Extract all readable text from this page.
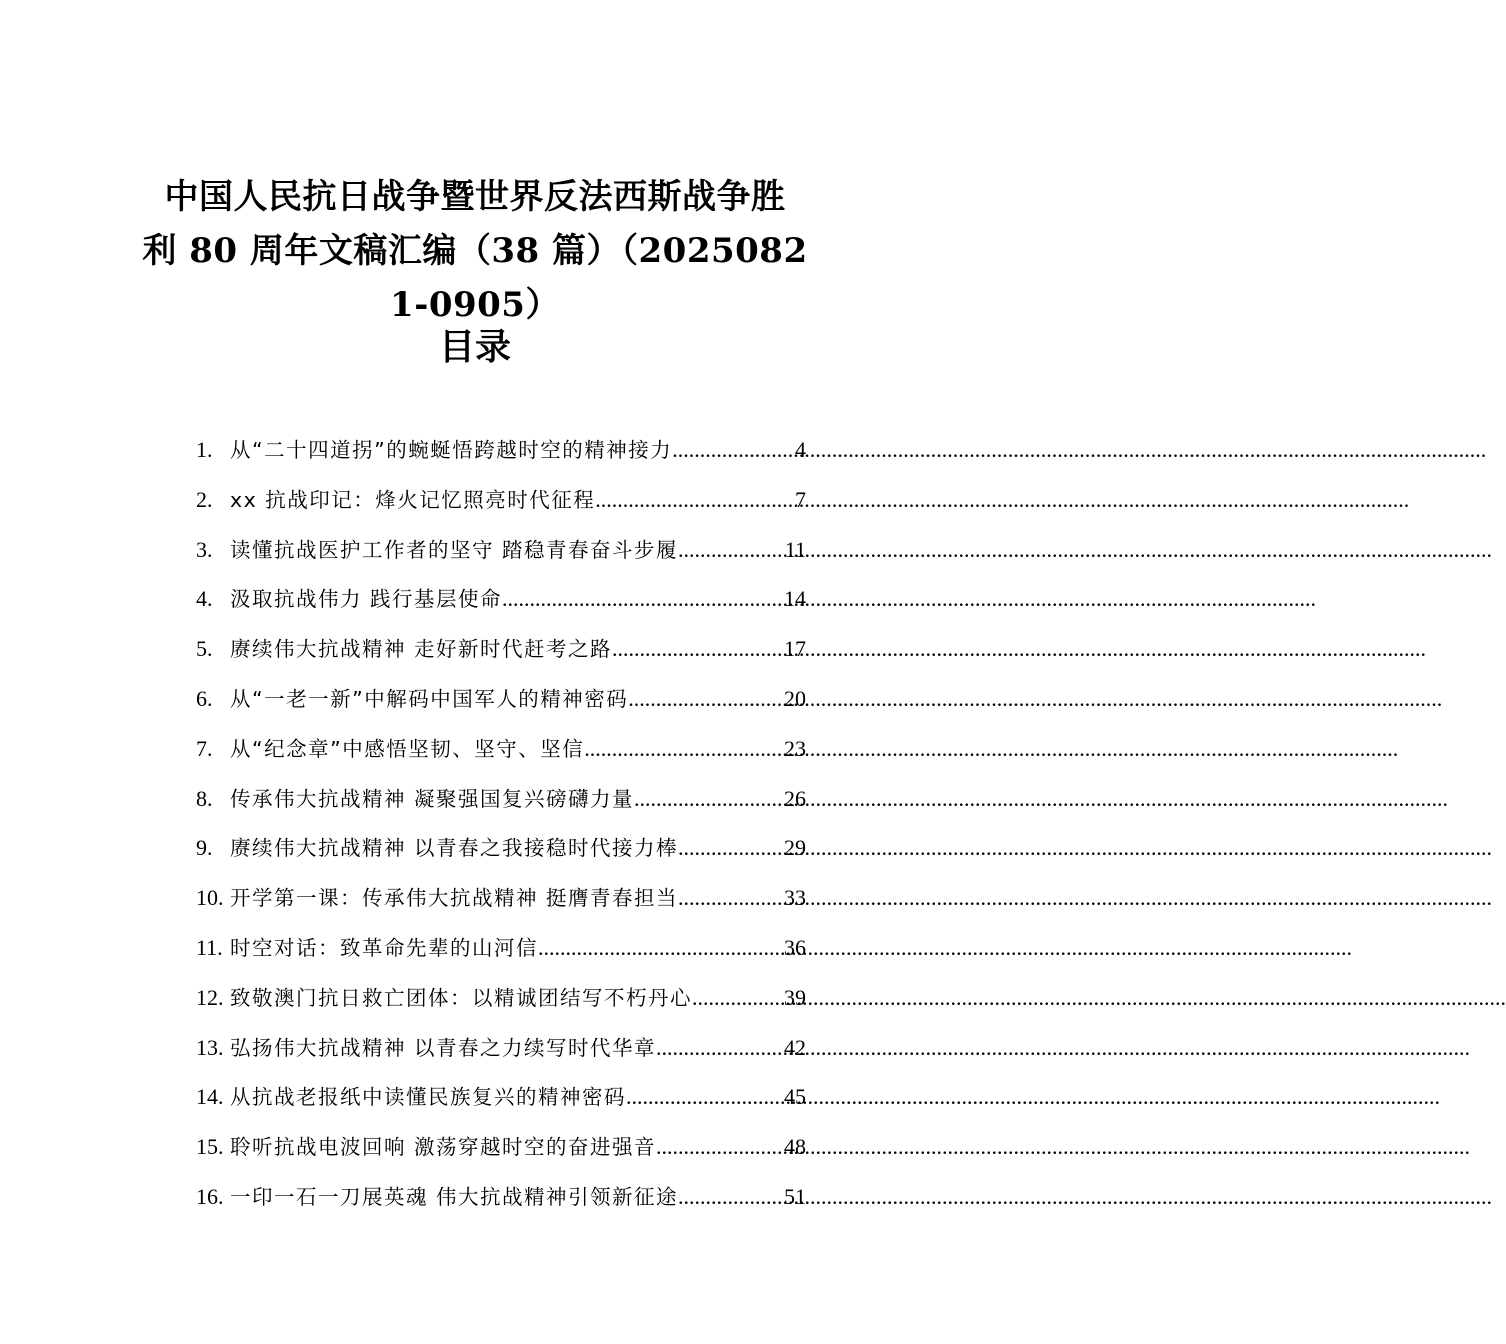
中国人民抗日战争暨世界反法西斯战争胜
利 80 周年文稿汇编（38 篇）（2025082
1-0905）
目录
1. 从“二十四道拐”的蜿蜒悟跨越时空的精神接力 .....	4
2. xx 抗战印记：烽火记忆照亮时代征程 .....	7
3. 读懂抗战医护工作者的坚守 踏稳青春奋斗步履 .....	11
4. 汲取抗战伟力 践行基层使命 .....	14
5. 赓续伟大抗战精神 走好新时代赶考之路 .....	17
6. 从“一老一新”中解码中国军人的精神密码 .....	20
7. 从“纪念章”中感悟坚韧、坚守、坚信 .....	23
8. 传承伟大抗战精神 凝聚强国复兴磅礴力量 .....	26
9. 赓续伟大抗战精神 以青春之我接稳时代接力棒 .....	29
10. 开学第一课：传承伟大抗战精神 挺膺青春担当 .....	33
11. 时空对话：致革命先辈的山河信 .....	36
12. 致敬澳门抗日救亡团体：以精诚团结写不朽丹心 .....	39
13. 弘扬伟大抗战精神 以青春之力续写时代华章 .....	42
14. 从抗战老报纸中读懂民族复兴的精神密码 .....	45
15. 聆听抗战电波回响 激荡穿越时空的奋进强音 .....	48
16. 一印一石一刀展英魂 伟大抗战精神引领新征途 .....	51
